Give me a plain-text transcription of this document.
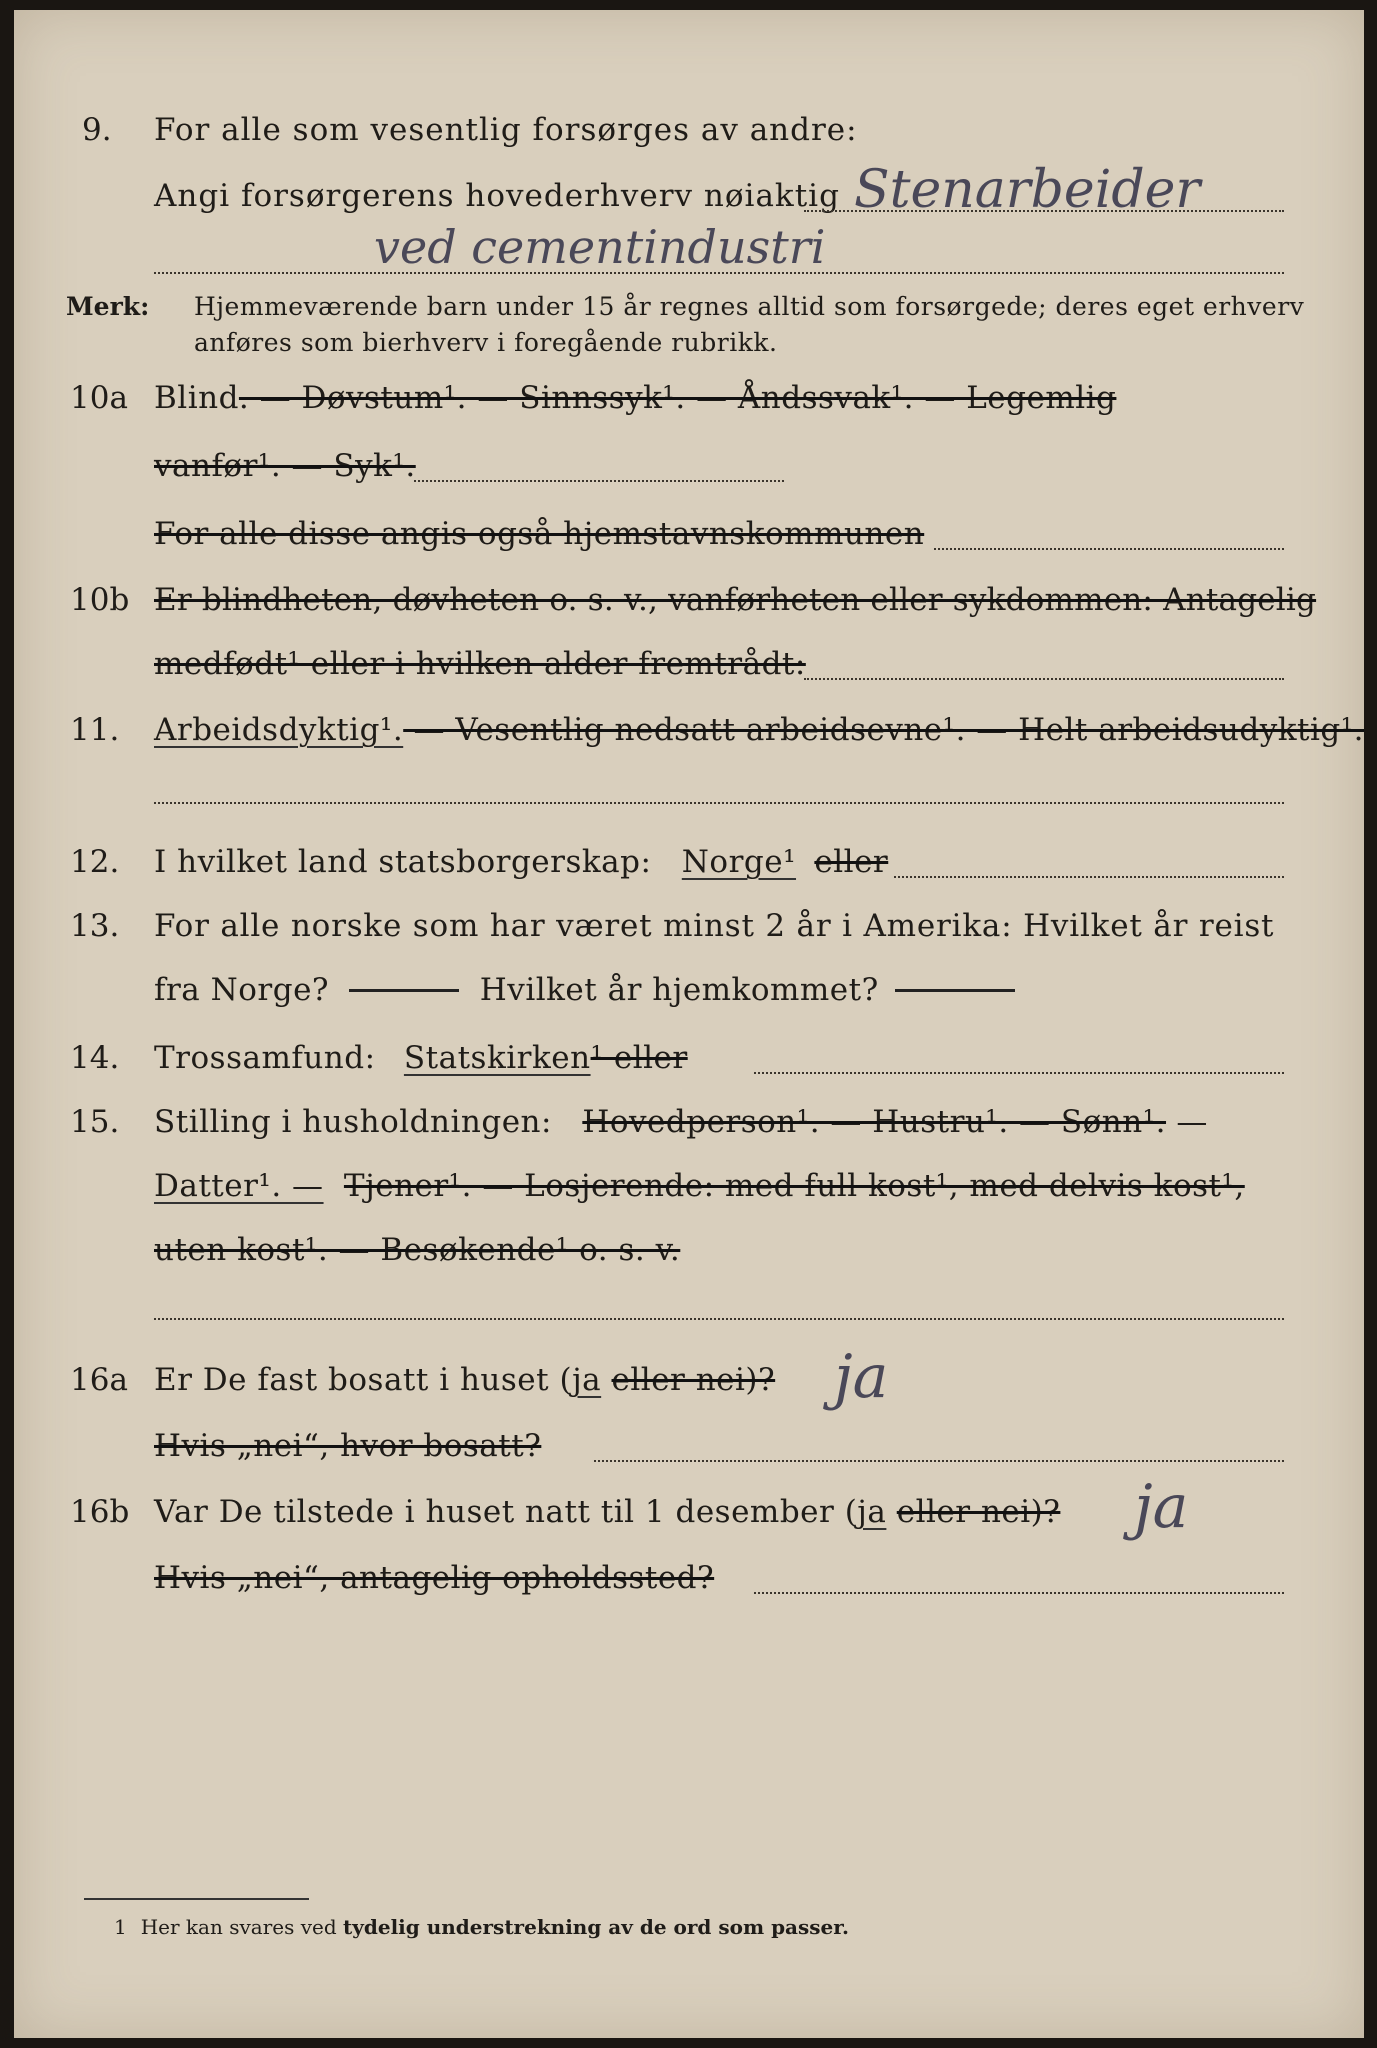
9. For alle som vesentlig forsørges av andre:
Angi forsørgerens hovederhverv nøiaktig Stenarbeider
ved cementindustri
Merk: Hjemmeværende barn under 15 år regnes alltid som forsørgede; deres eget erhverv
anføres som bierhverv i foregående rubrikk.
10a Blind. — Døvstum¹. — Sinnssyk¹. — Åndssvak¹. — Legemlig
vanfør¹. — Syk¹.
For alle disse angis også hjemstavnskommunen
10b Er blindheten, døvheten o. s. v., vanførheten eller sykdommen: Antagelig
medfødt¹ eller i hvilken alder fremtrådt:
11. Arbeidsdyktig¹. — Vesentlig nedsatt arbeidsevne¹. — Helt arbeidsudyktig¹.
12. I hvilket land statsborgerskap: Norge¹ eller
13. For alle norske som har været minst 2 år i Amerika: Hvilket år reist
fra Norge?	Hvilket år hjemkommet?
14. Trossamfund: Statskirken¹ eller
15. Stilling i husholdningen: Hovedperson¹. — Hustru¹. — Sønn¹. —
Datter¹. — Tjener¹. — Losjerende: med full kost¹, med delvis kost¹,
uten kost¹. — Besøkende¹ o. s. v.
16a Er De fast bosatt i huset (ja eller nei)? ja
Hvis „nei“, hvor bosatt?
16b Var De tilstede i huset natt til 1 desember (ja eller nei)? ja
Hvis „nei“, antagelig opholdssted?
1 Her kan svares ved tydelig understrekning av de ord som passer.
